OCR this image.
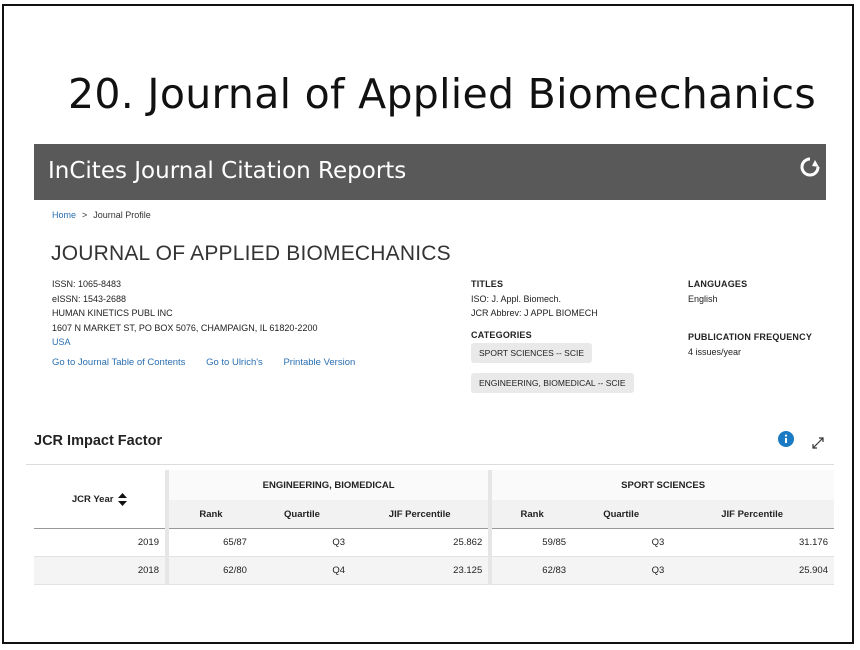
20. Journal of Applied Biomechanics
InCites Journal Citation Reports
Home > Journal Profile
JOURNAL OF APPLIED BIOMECHANICS
ISSN: 1065-8483
eISSN: 1543-2688
HUMAN KINETICS PUBL INC
1607 N MARKET ST, PO BOX 5076, CHAMPAIGN, IL 61820-2200
USA
Go to Journal Table of Contents Go to Ulrich's Printable Version
TITLES
ISO: J. Appl. Biomech.
JCR Abbrev: J APPL BIOMECH
CATEGORIES
SPORT SCIENCES -- SCIE
ENGINEERING, BIOMEDICAL -- SCIE
LANGUAGES
English
PUBLICATION FREQUENCY
4 issues/year
JCR Impact Factor
JCR Year	ENGINEERING, BIOMEDICAL			SPORT SCIENCES		
	Rank	Quartile	JIF Percentile	Rank	Quartile	JIF Percentile
2019	65/87	Q3	25.862	59/85	Q3	31.176
2018	62/80	Q4	23.125	62/83	Q3	25.904
